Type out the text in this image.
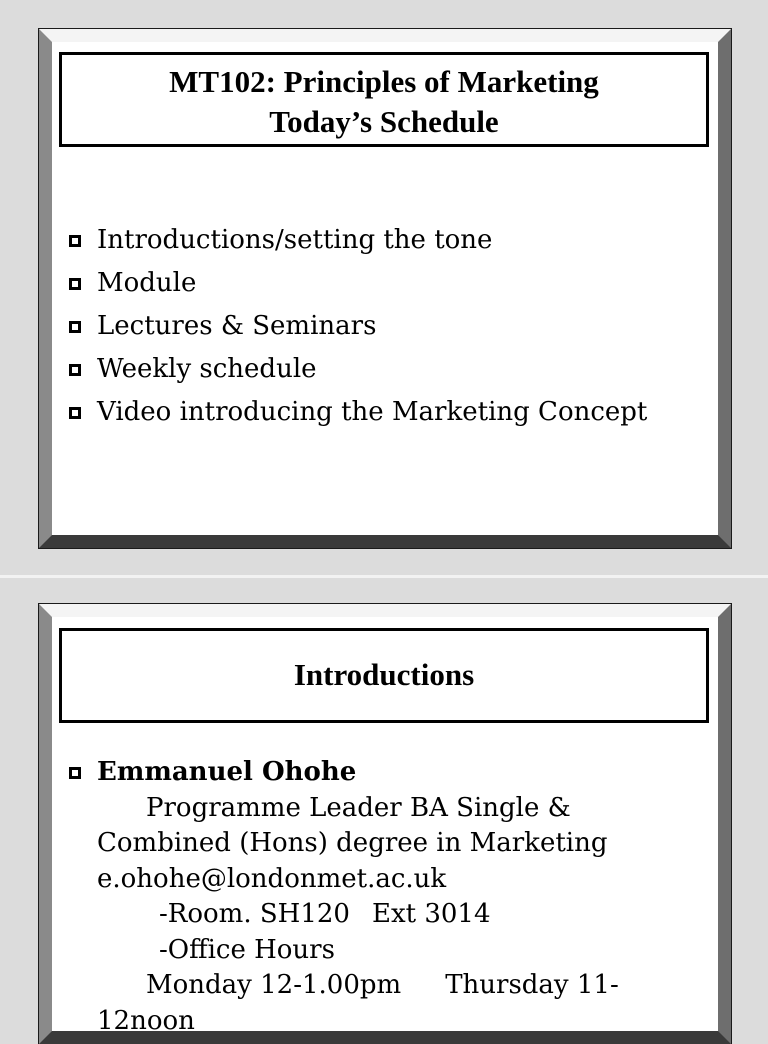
MT102: Principles of Marketing
Today’s Schedule
Introductions/setting the tone
Module
Lectures & Seminars
Weekly schedule
Video introducing the Marketing Concept
Introductions
Emmanuel Ohohe
Programme Leader BA Single &
Combined (Hons) degree in Marketing
e.ohohe@londonmet.ac.uk
-Room. SH120 Ext 3014
-Office Hours
Monday 12-1.00pm Thursday 11-
12noon
